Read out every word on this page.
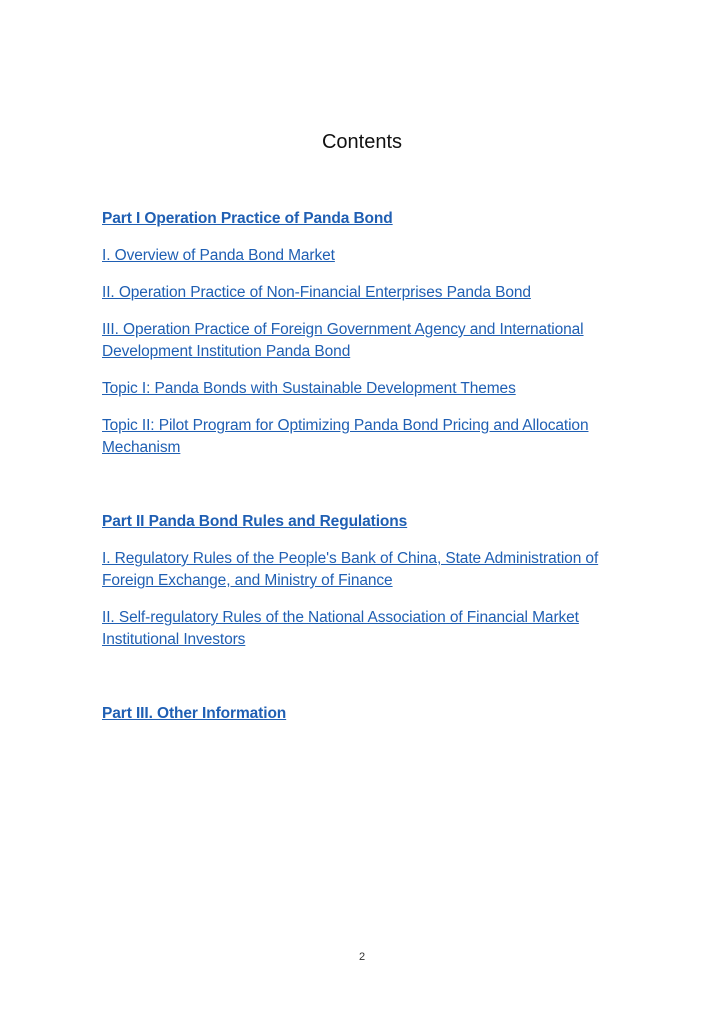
Contents
Part I Operation Practice of Panda Bond
I. Overview of Panda Bond Market
II. Operation Practice of Non-Financial Enterprises Panda Bond
III. Operation Practice of Foreign Government Agency and International Development Institution Panda Bond
Topic I: Panda Bonds with Sustainable Development Themes
Topic II: Pilot Program for Optimizing Panda Bond Pricing and Allocation Mechanism
Part II Panda Bond Rules and Regulations
I. Regulatory Rules of the People's Bank of China, State Administration of Foreign Exchange, and Ministry of Finance
II. Self-regulatory Rules of the National Association of Financial Market Institutional Investors
Part III. Other Information
2
